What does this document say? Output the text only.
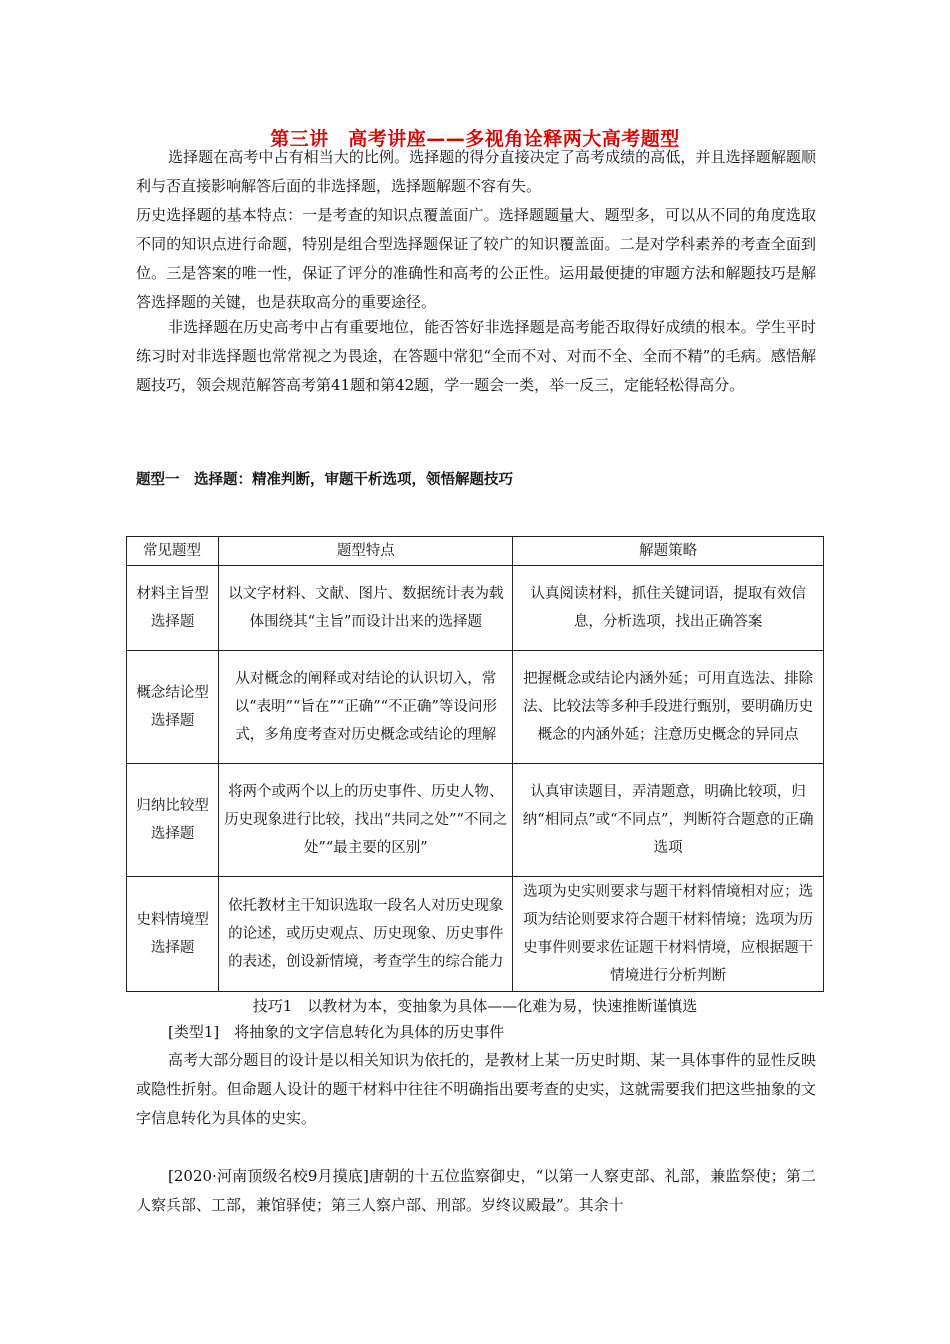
第三讲　高考讲座——多视角诠释两大高考题型

选择题在高考中占有相当大的比例。选择题的得分直接决定了高考成绩的高低，并且选择题解题顺利与否直接影响解答后面的非选择题，选择题解题不容有失。

历史选择题的基本特点：一是考查的知识点覆盖面广。选择题题量大、题型多，可以从不同的角度选取不同的知识点进行命题，特别是组合型选择题保证了较广的知识覆盖面。二是对学科素养的考查全面到位。三是答案的唯一性，保证了评分的准确性和高考的公正性。运用最便捷的审题方法和解题技巧是解答选择题的关键，也是获取高分的重要途径。

非选择题在历史高考中占有重要地位，能否答好非选择题是高考能否取得好成绩的根本。学生平时练习时对非选择题也常常视之为畏途，在答题中常犯“全而不对、对而不全、全而不精”的毛病。感悟解题技巧，领会规范解答高考第41题和第42题，学一题会一类，举一反三，定能轻松得高分。

题型一　选择题：精准判断，审题干析选项，领悟解题技巧
常见题型	题型特点	解题策略
材料主旨型选择题	以文字材料、文献、图片、数据统计表为载体围绕其“主旨”而设计出来的选择题	认真阅读材料，抓住关键词语，提取有效信息，分析选项，找出正确答案
概念结论型选择题	从对概念的阐释或对结论的认识切入，常以“表明”“旨在”“正确”“不正确”等设问形式，多角度考查对历史概念或结论的理解	把握概念或结论内涵外延；可用直选法、排除法、比较法等多种手段进行甄别，要明确历史概念的内涵外延；注意历史概念的异同点
归纳比较型选择题	将两个或两个以上的历史事件、历史人物、历史现象进行比较，找出“共同之处”“不同之处”“最主要的区别”	认真审读题目，弄清题意，明确比较项，归纳“相同点”或“不同点”，判断符合题意的正确选项
史料情境型选择题	依托教材主干知识选取一段名人对历史现象的论述，或历史观点、历史现象、历史事件的表述，创设新情境，考查学生的综合能力	选项为史实则要求与题干材料情境相对应；选项为结论则要求符合题干材料情境；选项为历史事件则要求佐证题干材料情境，应根据题干情境进行分析判断
技巧1　以教材为本，变抽象为具体——化难为易，快速推断谨慎选

[类型1]　将抽象的文字信息转化为具体的历史事件

高考大部分题目的设计是以相关知识为依托的，是教材上某一历史时期、某一具体事件的显性反映或隐性折射。但命题人设计的题干材料中往往不明确指出要考查的史实，这就需要我们把这些抽象的文字信息转化为具体的史实。

[2020·河南顶级名校9月摸底]唐朝的十五位监察御史，“以第一人察吏部、礼部，兼监祭使；第二人察兵部、工部，兼馆驿使；第三人察户部、刑部。岁终议殿最”。其余十
